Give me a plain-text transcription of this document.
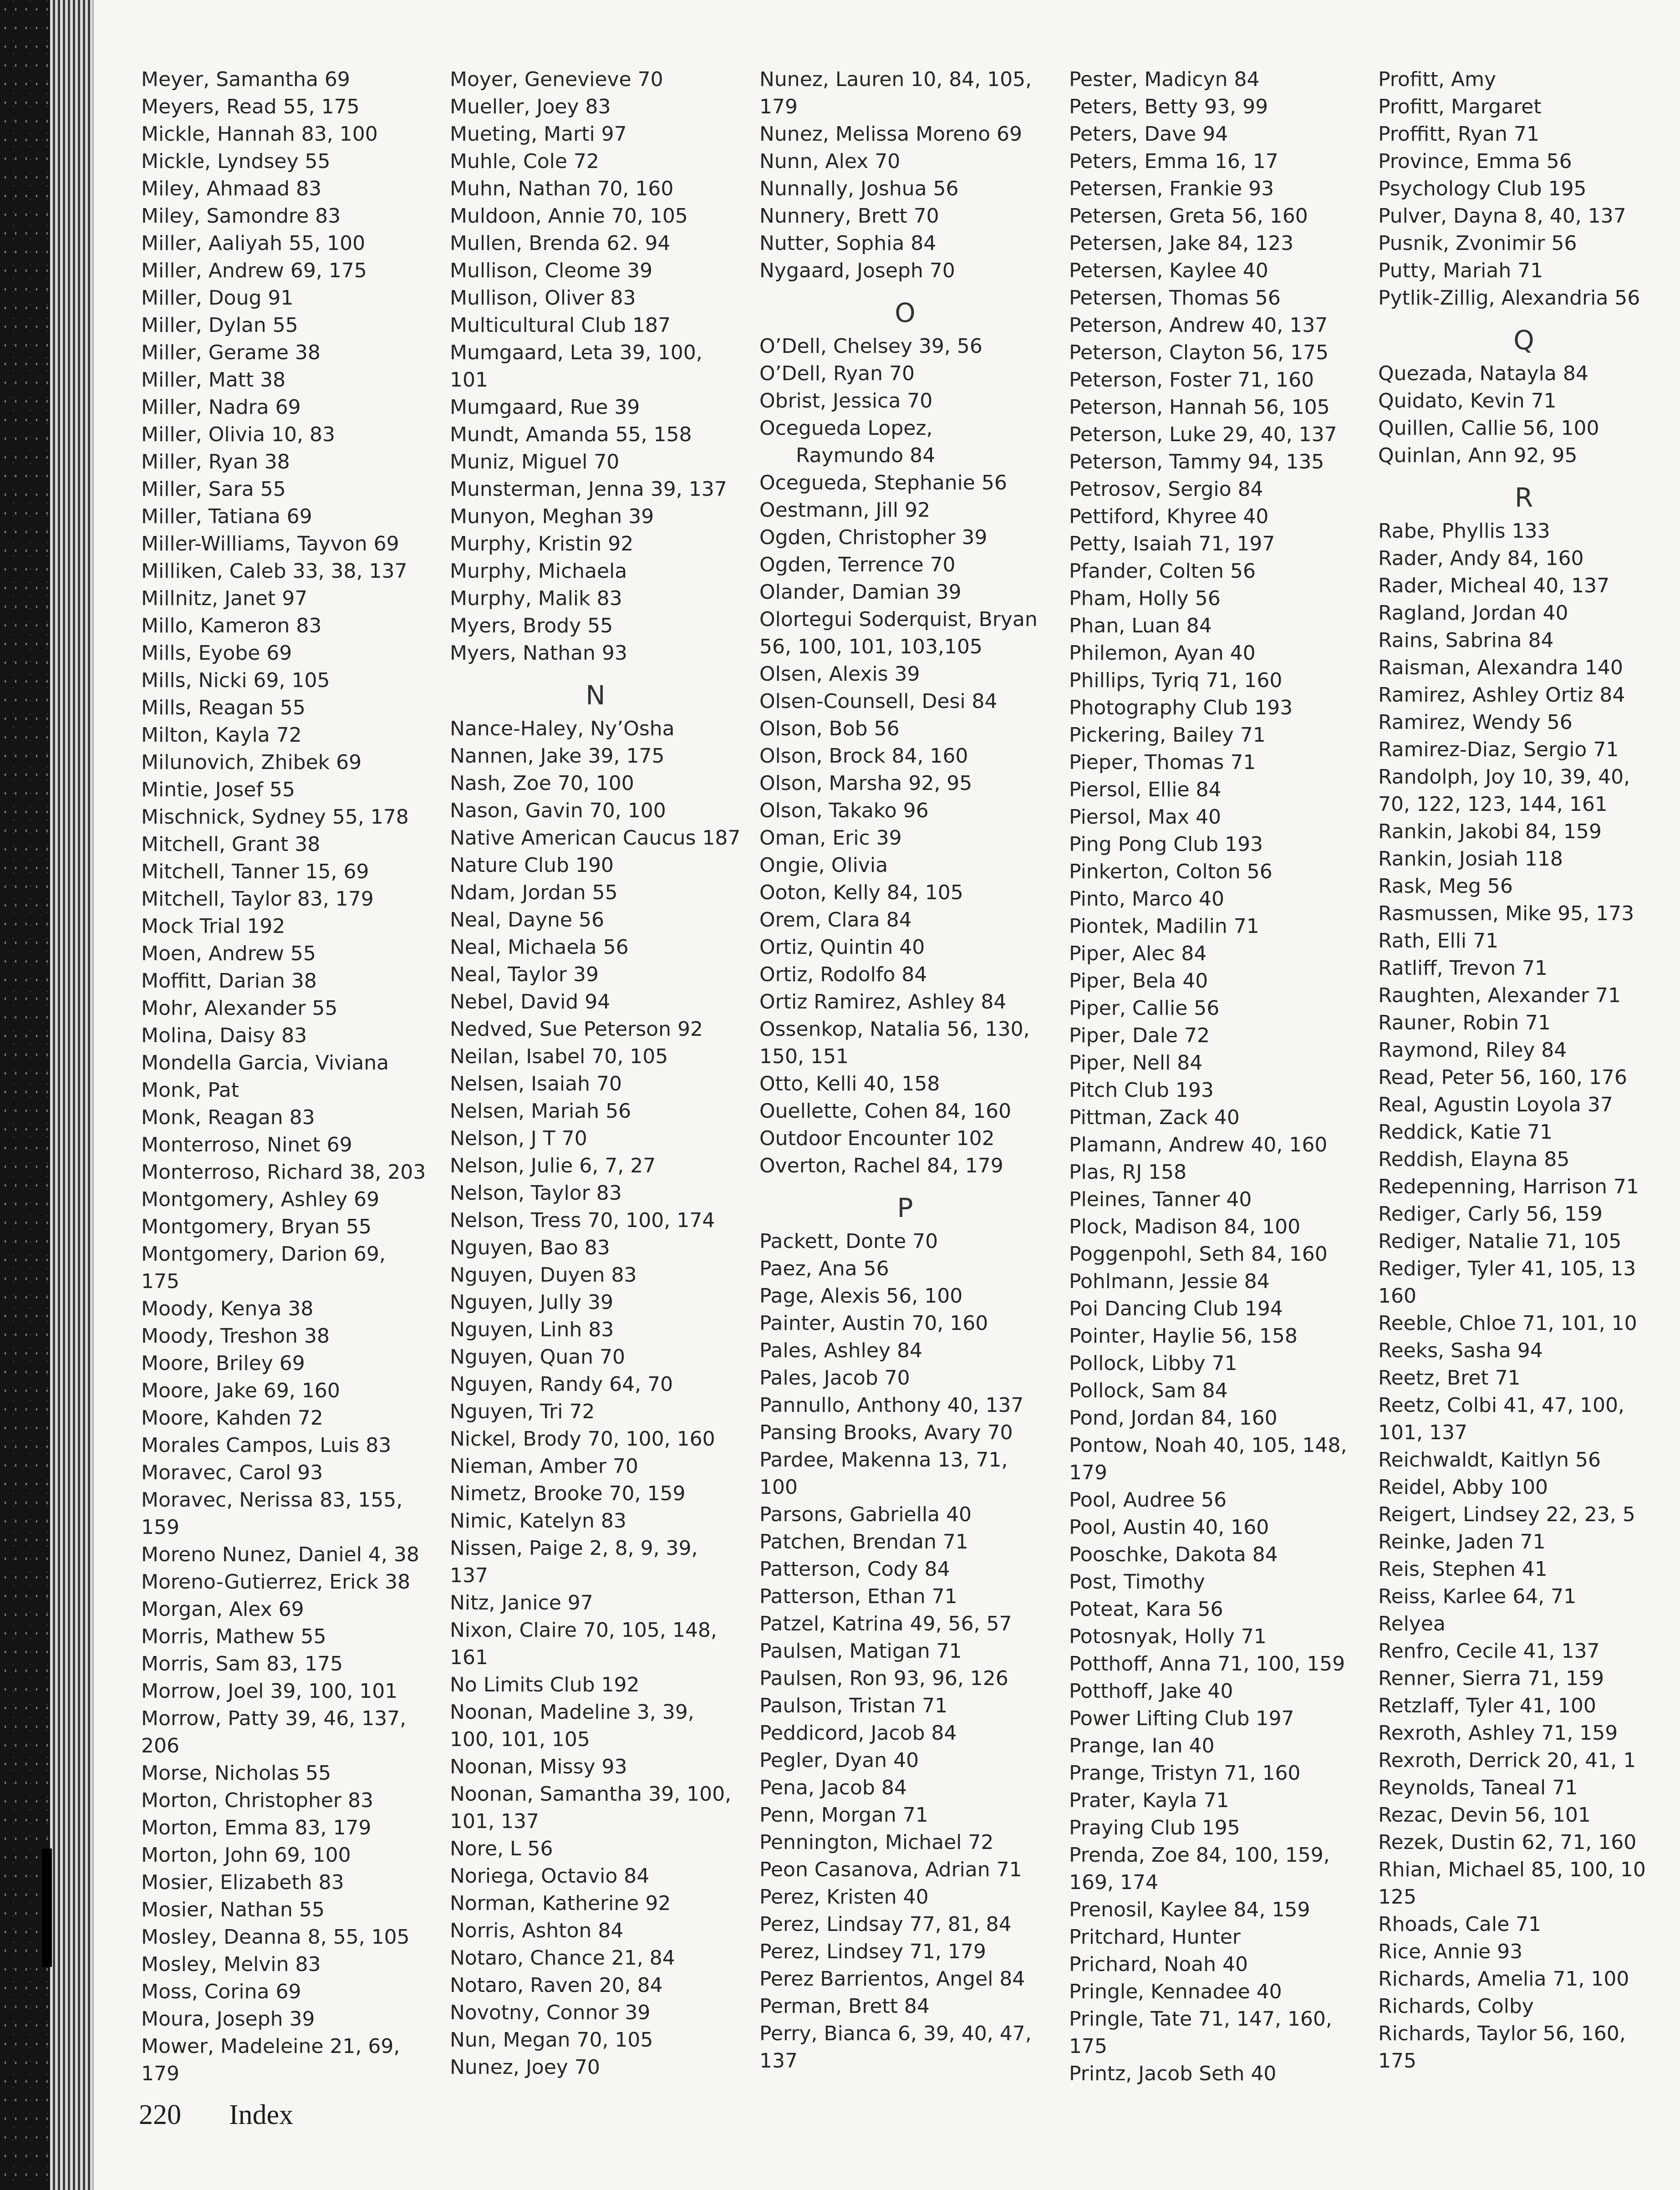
Meyer, Samantha 69
Meyers, Read 55, 175
Mickle, Hannah 83, 100
Mickle, Lyndsey 55
Miley, Ahmaad 83
Miley, Samondre 83
Miller, Aaliyah 55, 100
Miller, Andrew 69, 175
Miller, Doug 91
Miller, Dylan 55
Miller, Gerame 38
Miller, Matt 38
Miller, Nadra 69
Miller, Olivia 10, 83
Miller, Ryan 38
Miller, Sara 55
Miller, Tatiana 69
Miller-Williams, Tayvon 69
Milliken, Caleb 33, 38, 137
Millnitz, Janet 97
Millo, Kameron 83
Mills, Eyobe 69
Mills, Nicki 69, 105
Mills, Reagan 55
Milton, Kayla 72
Milunovich, Zhibek 69
Mintie, Josef 55
Mischnick, Sydney 55, 178
Mitchell, Grant 38
Mitchell, Tanner 15, 69
Mitchell, Taylor 83, 179
Mock Trial 192
Moen, Andrew 55
Moffitt, Darian 38
Mohr, Alexander 55
Molina, Daisy 83
Mondella Garcia, Viviana
Monk, Pat
Monk, Reagan 83
Monterroso, Ninet 69
Monterroso, Richard 38, 203
Montgomery, Ashley 69
Montgomery, Bryan 55
Montgomery, Darion 69,
175
Moody, Kenya 38
Moody, Treshon 38
Moore, Briley 69
Moore, Jake 69, 160
Moore, Kahden 72
Morales Campos, Luis 83
Moravec, Carol 93
Moravec, Nerissa 83, 155,
159
Moreno Nunez, Daniel 4, 38
Moreno-Gutierrez, Erick 38
Morgan, Alex 69
Morris, Mathew 55
Morris, Sam 83, 175
Morrow, Joel 39, 100, 101
Morrow, Patty 39, 46, 137,
206
Morse, Nicholas 55
Morton, Christopher 83
Morton, Emma 83, 179
Morton, John 69, 100
Mosier, Elizabeth 83
Mosier, Nathan 55
Mosley, Deanna 8, 55, 105
Mosley, Melvin 83
Moss, Corina 69
Moura, Joseph 39
Mower, Madeleine 21, 69,
179
Moyer, Genevieve 70
Mueller, Joey 83
Mueting, Marti 97
Muhle, Cole 72
Muhn, Nathan 70, 160
Muldoon, Annie 70, 105
Mullen, Brenda 62. 94
Mullison, Cleome 39
Mullison, Oliver 83
Multicultural Club 187
Mumgaard, Leta 39, 100,
101
Mumgaard, Rue 39
Mundt, Amanda 55, 158
Muniz, Miguel 70
Munsterman, Jenna 39, 137
Munyon, Meghan 39
Murphy, Kristin 92
Murphy, Michaela
Murphy, Malik 83
Myers, Brody 55
Myers, Nathan 93
N
Nance-Haley, Ny’Osha
Nannen, Jake 39, 175
Nash, Zoe 70, 100
Nason, Gavin 70, 100
Native American Caucus 187
Nature Club 190
Ndam, Jordan 55
Neal, Dayne 56
Neal, Michaela 56
Neal, Taylor 39
Nebel, David 94
Nedved, Sue Peterson 92
Neilan, Isabel 70, 105
Nelsen, Isaiah 70
Nelsen, Mariah 56
Nelson, J T 70
Nelson, Julie 6, 7, 27
Nelson, Taylor 83
Nelson, Tress 70, 100, 174
Nguyen, Bao 83
Nguyen, Duyen 83
Nguyen, Jully 39
Nguyen, Linh 83
Nguyen, Quan 70
Nguyen, Randy 64, 70
Nguyen, Tri 72
Nickel, Brody 70, 100, 160
Nieman, Amber 70
Nimetz, Brooke 70, 159
Nimic, Katelyn 83
Nissen, Paige 2, 8, 9, 39,
137
Nitz, Janice 97
Nixon, Claire 70, 105, 148,
161
No Limits Club 192
Noonan, Madeline 3, 39,
100, 101, 105
Noonan, Missy 93
Noonan, Samantha 39, 100,
101, 137
Nore, L 56
Noriega, Octavio 84
Norman, Katherine 92
Norris, Ashton 84
Notaro, Chance 21, 84
Notaro, Raven 20, 84
Novotny, Connor 39
Nun, Megan 70, 105
Nunez, Joey 70
Nunez, Lauren 10, 84, 105,
179
Nunez, Melissa Moreno 69
Nunn, Alex 70
Nunnally, Joshua 56
Nunnery, Brett 70
Nutter, Sophia 84
Nygaard, Joseph 70
O
O’Dell, Chelsey 39, 56
O’Dell, Ryan 70
Obrist, Jessica 70
Ocegueda Lopez,
Raymundo 84
Ocegueda, Stephanie 56
Oestmann, Jill 92
Ogden, Christopher 39
Ogden, Terrence 70
Olander, Damian 39
Olortegui Soderquist, Bryan
56, 100, 101, 103,105
Olsen, Alexis 39
Olsen-Counsell, Desi 84
Olson, Bob 56
Olson, Brock 84, 160
Olson, Marsha 92, 95
Olson, Takako 96
Oman, Eric 39
Ongie, Olivia
Ooton, Kelly 84, 105
Orem, Clara 84
Ortiz, Quintin 40
Ortiz, Rodolfo 84
Ortiz Ramirez, Ashley 84
Ossenkop, Natalia 56, 130,
150, 151
Otto, Kelli 40, 158
Ouellette, Cohen 84, 160
Outdoor Encounter 102
Overton, Rachel 84, 179
P
Packett, Donte 70
Paez, Ana 56
Page, Alexis 56, 100
Painter, Austin 70, 160
Pales, Ashley 84
Pales, Jacob 70
Pannullo, Anthony 40, 137
Pansing Brooks, Avary 70
Pardee, Makenna 13, 71,
100
Parsons, Gabriella 40
Patchen, Brendan 71
Patterson, Cody 84
Patterson, Ethan 71
Patzel, Katrina 49, 56, 57
Paulsen, Matigan 71
Paulsen, Ron 93, 96, 126
Paulson, Tristan 71
Peddicord, Jacob 84
Pegler, Dyan 40
Pena, Jacob 84
Penn, Morgan 71
Pennington, Michael 72
Peon Casanova, Adrian 71
Perez, Kristen 40
Perez, Lindsay 77, 81, 84
Perez, Lindsey 71, 179
Perez Barrientos, Angel 84
Perman, Brett 84
Perry, Bianca 6, 39, 40, 47,
137
Pester, Madicyn 84
Peters, Betty 93, 99
Peters, Dave 94
Peters, Emma 16, 17
Petersen, Frankie 93
Petersen, Greta 56, 160
Petersen, Jake 84, 123
Petersen, Kaylee 40
Petersen, Thomas 56
Peterson, Andrew 40, 137
Peterson, Clayton 56, 175
Peterson, Foster 71, 160
Peterson, Hannah 56, 105
Peterson, Luke 29, 40, 137
Peterson, Tammy 94, 135
Petrosov, Sergio 84
Pettiford, Khyree 40
Petty, Isaiah 71, 197
Pfander, Colten 56
Pham, Holly 56
Phan, Luan 84
Philemon, Ayan 40
Phillips, Tyriq 71, 160
Photography Club 193
Pickering, Bailey 71
Pieper, Thomas 71
Piersol, Ellie 84
Piersol, Max 40
Ping Pong Club 193
Pinkerton, Colton 56
Pinto, Marco 40
Piontek, Madilin 71
Piper, Alec 84
Piper, Bela 40
Piper, Callie 56
Piper, Dale 72
Piper, Nell 84
Pitch Club 193
Pittman, Zack 40
Plamann, Andrew 40, 160
Plas, RJ 158
Pleines, Tanner 40
Plock, Madison 84, 100
Poggenpohl, Seth 84, 160
Pohlmann, Jessie 84
Poi Dancing Club 194
Pointer, Haylie 56, 158
Pollock, Libby 71
Pollock, Sam 84
Pond, Jordan 84, 160
Pontow, Noah 40, 105, 148,
179
Pool, Audree 56
Pool, Austin 40, 160
Pooschke, Dakota 84
Post, Timothy
Poteat, Kara 56
Potosnyak, Holly 71
Potthoff, Anna 71, 100, 159
Potthoff, Jake 40
Power Lifting Club 197
Prange, Ian 40
Prange, Tristyn 71, 160
Prater, Kayla 71
Praying Club 195
Prenda, Zoe 84, 100, 159,
169, 174
Prenosil, Kaylee 84, 159
Pritchard, Hunter
Prichard, Noah 40
Pringle, Kennadee 40
Pringle, Tate 71, 147, 160,
175
Printz, Jacob Seth 40
Profitt, Amy
Profitt, Margaret
Proffitt, Ryan 71
Province, Emma 56
Psychology Club 195
Pulver, Dayna 8, 40, 137
Pusnik, Zvonimir 56
Putty, Mariah 71
Pytlik-Zillig, Alexandria 56
Q
Quezada, Natayla 84
Quidato, Kevin 71
Quillen, Callie 56, 100
Quinlan, Ann 92, 95
R
Rabe, Phyllis 133
Rader, Andy 84, 160
Rader, Micheal 40, 137
Ragland, Jordan 40
Rains, Sabrina 84
Raisman, Alexandra 140
Ramirez, Ashley Ortiz 84
Ramirez, Wendy 56
Ramirez-Diaz, Sergio 71
Randolph, Joy 10, 39, 40,
70, 122, 123, 144, 161
Rankin, Jakobi 84, 159
Rankin, Josiah 118
Rask, Meg 56
Rasmussen, Mike 95, 173
Rath, Elli 71
Ratliff, Trevon 71
Raughten, Alexander 71
Rauner, Robin 71
Raymond, Riley 84
Read, Peter 56, 160, 176
Real, Agustin Loyola 37
Reddick, Katie 71
Reddish, Elayna 85
Redepenning, Harrison 71
Rediger, Carly 56, 159
Rediger, Natalie 71, 105
Rediger, Tyler 41, 105, 13
160
Reeble, Chloe 71, 101, 10
Reeks, Sasha 94
Reetz, Bret 71
Reetz, Colbi 41, 47, 100,
101, 137
Reichwaldt, Kaitlyn 56
Reidel, Abby 100
Reigert, Lindsey 22, 23, 5
Reinke, Jaden 71
Reis, Stephen 41
Reiss, Karlee 64, 71
Relyea
Renfro, Cecile 41, 137
Renner, Sierra 71, 159
Retzlaff, Tyler 41, 100
Rexroth, Ashley 71, 159
Rexroth, Derrick 20, 41, 1
Reynolds, Taneal 71
Rezac, Devin 56, 101
Rezek, Dustin 62, 71, 160
Rhian, Michael 85, 100, 10
125
Rhoads, Cale 71
Rice, Annie 93
Richards, Amelia 71, 100
Richards, Colby
Richards, Taylor 56, 160,
175
220 Index
